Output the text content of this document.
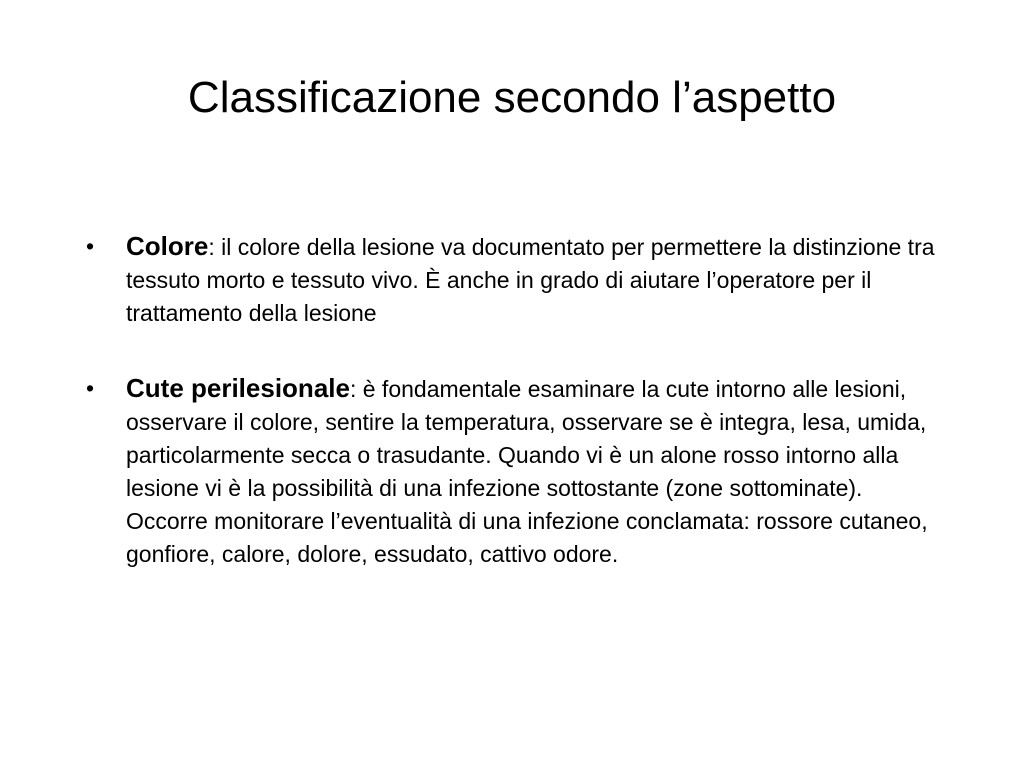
Classificazione secondo l’aspetto
• Colore: il colore della lesione va documentato per permettere la distinzione tra tessuto morto e tessuto vivo. È anche in grado di aiutare l’operatore per il trattamento della lesione
• Cute perilesionale: è fondamentale esaminare la cute intorno alle lesioni, osservare il colore, sentire la temperatura, osservare se è integra, lesa, umida, particolarmente secca o trasudante. Quando vi è un alone rosso intorno alla lesione vi è la possibilità di una infezione sottostante (zone sottominate). Occorre monitorare l’eventualità di una infezione conclamata: rossore cutaneo, gonfiore, calore, dolore, essudato, cattivo odore.
